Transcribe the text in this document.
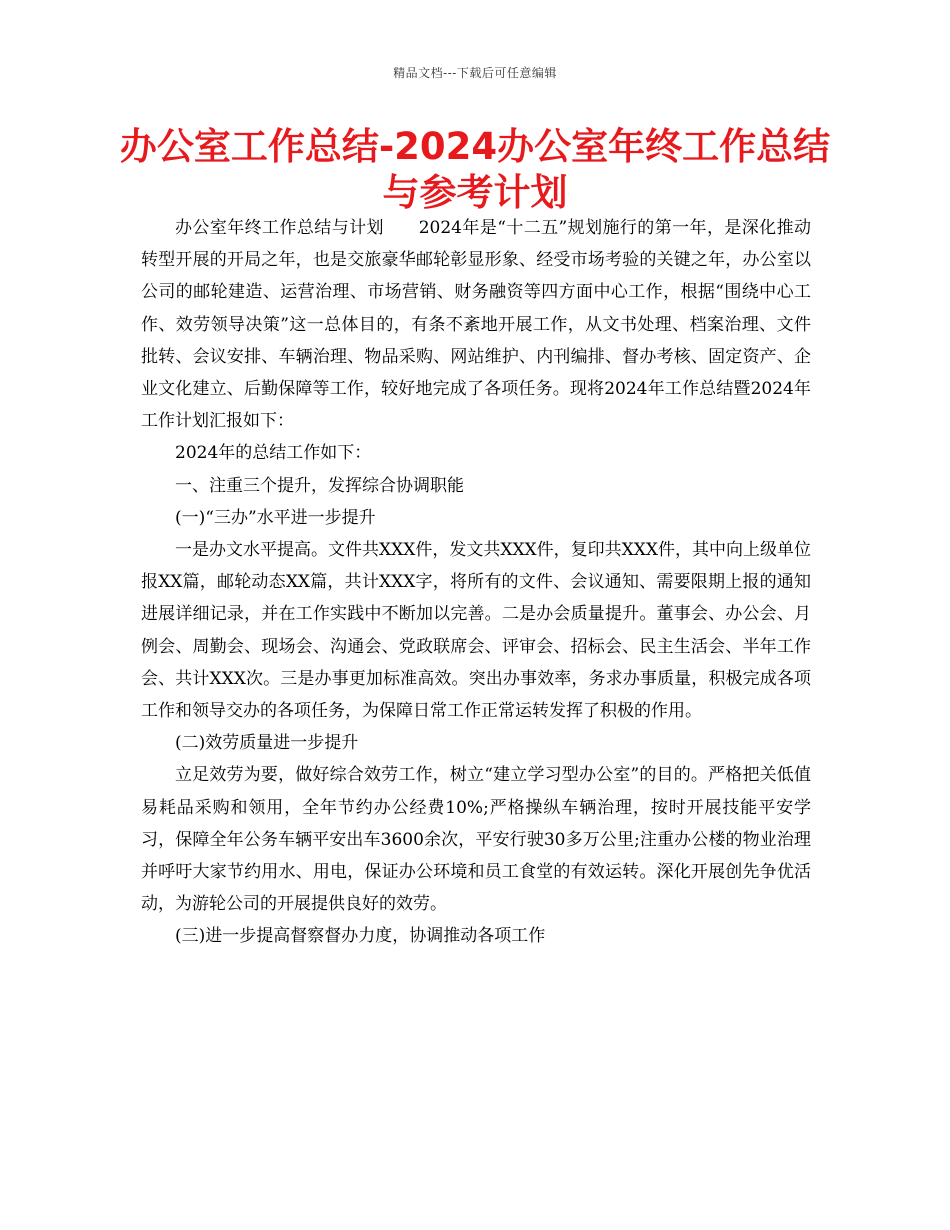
精品文档---下载后可任意编辑
办公室工作总结-2024办公室年终工作总结与参考计划

办公室年终工作总结与计划　　2024年是“十二五”规划施行的第一年，是深化推动转型开展的开局之年，也是交旅豪华邮轮彰显形象、经受市场考验的关键之年，办公室以公司的邮轮建造、运营治理、市场营销、财务融资等四方面中心工作，根据“围绕中心工作、效劳领导决策”这一总体目的，有条不紊地开展工作，从文书处理、档案治理、文件批转、会议安排、车辆治理、物品采购、网站维护、内刊编排、督办考核、固定资产、企业文化建立、后勤保障等工作，较好地完成了各项任务。现将2024年工作总结暨2024年工作计划汇报如下：

2024年的总结工作如下：

一、注重三个提升，发挥综合协调职能

(一)“三办”水平进一步提升

一是办文水平提高。文件共XXX件，发文共XXX件，复印共XXX件，其中向上级单位报XX篇，邮轮动态XX篇，共计XXX字，将所有的文件、会议通知、需要限期上报的通知进展详细记录，并在工作实践中不断加以完善。二是办会质量提升。董事会、办公会、月例会、周勤会、现场会、沟通会、党政联席会、评审会、招标会、民主生活会、半年工作会、共计XXX次。三是办事更加标准高效。突出办事效率，务求办事质量，积极完成各项工作和领导交办的各项任务，为保障日常工作正常运转发挥了积极的作用。

(二)效劳质量进一步提升

立足效劳为要，做好综合效劳工作，树立“建立学习型办公室”的目的。严格把关低值易耗品采购和领用，全年节约办公经费10%;严格操纵车辆治理，按时开展技能平安学习，保障全年公务车辆平安出车3600余次，平安行驶30多万公里;注重办公楼的物业治理并呼吁大家节约用水、用电，保证办公环境和员工食堂的有效运转。深化开展创先争优活动，为游轮公司的开展提供良好的效劳。

(三)进一步提高督察督办力度，协调推动各项工作
